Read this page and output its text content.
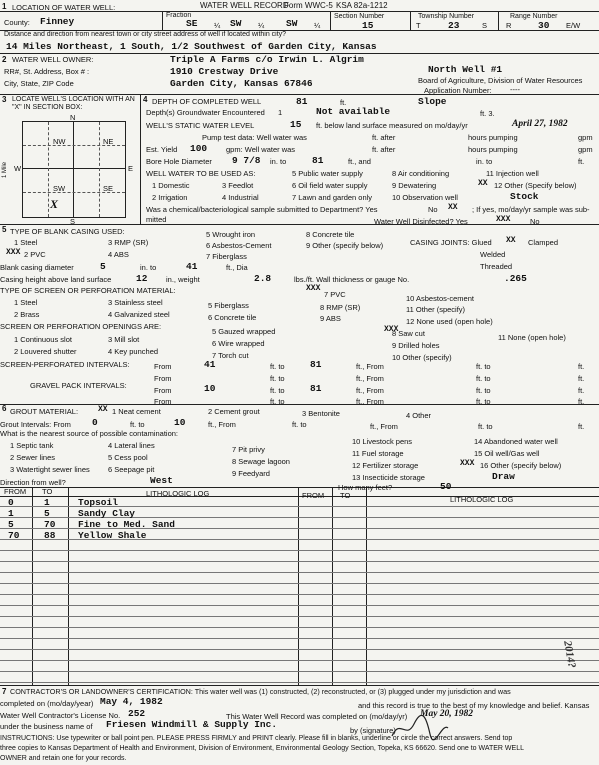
1
2
3	4
5
6
7
WATER WELL RECORD
Form WWC-5 KSA 82a-1212
LOCATION OF WATER WELL:
Fraction
County: Finney	SE ¼ SW ¼ SW ¼
Section Number
15
Township Number
T	23	S
Range Number
R	30 E/W
Distance and direction from nearest town or city street address of well if located within city?
14 Miles Northeast, 1 South, 1/2 Southwest of Garden City, Kansas
WATER WELL OWNER:	Triple A Farms c/o Irwin L. Algrim
RR#, St. Address, Box # :	1910 Crestway Drive
City, State, ZIP Code	Garden City, Kansas 67846
North Well #1
Board of Agriculture, Division of Water Resources
Application Number: ----
LOCATE WELL'S LOCATION WITH AN "X" IN SECTION BOX:
NW	NE
SW	SE
X
N
S
W	E
1 Mile
DEPTH OF COMPLETED WELL	81	ft.	Slope
Depth(s) Groundwater Encountered 1	Not available	ft. 3.
WELL'S STATIC WATER LEVEL	15 ft. below land surface measured on mo/day/yr	April 27, 1982
Pump test data: Well water was	ft. after	hours pumping	gpm
Est. Yield 100	gpm: Well water was	ft. after	hours pumping	gpm
Bore Hole Diameter 9 7/8 in. to	81	ft., and	in. to	ft.
WELL WATER TO BE USED AS:	5 Public water supply	8 Air conditioning	11 Injection well
1 Domestic	3 Feedlot	6 Oil field water supply	9 Dewatering	XX 12 Other (Specify below)
2 Irrigation	4 Industrial	7 Lawn and garden only	10 Observation well	Stock
Was a chemical/bacteriological sample submitted to Department? Yes	No XX ; If yes, mo/day/yr sample was sub-
mitted	Water Well Disinfected? Yes	XXX	No
TYPE OF BLANK CASING USED:
1 Steel	3 RMP (SR)
5 Wrought iron	8 Concrete tile
6 Asbestos-Cement	9 Other (specify below)	CASING JOINTS: Glued XX Clamped
XXX 2 PVC	4 ABS	7 Fiberglass	Welded
Threaded
Blank casing diameter	5	in. to	41	ft., Dia
Casing height above land surface	12 in., weight	2.8	lbs./ft. Wall thickness or gauge No.	.265
TYPE OF SCREEN OR PERFORATION MATERIAL:	XXX
7 PVC
1 Steel	3 Stainless steel	5 Fiberglass	8 RMP (SR)
10 Asbestos-cement
11 Other (specify)
2 Brass	4 Galvanized steel	6 Concrete tile	9 ABS	12 None used (open hole)
SCREEN OR PERFORATION OPENINGS ARE:
1 Continuous slot	3 Mill slot
5 Gauzed wrapped	XXX
8 Saw cut	11 None (open hole)
2 Louvered shutter	4 Key punched
6 Wire wrapped	9 Drilled holes
7 Torch cut	10 Other (specify)
SCREEN-PERFORATED INTERVALS:	From	41	ft. to	81	ft., From	ft. to	ft.
From	ft. to	ft., From	ft. to	ft.
GRAVEL PACK INTERVALS:
From	10	ft. to	81	ft., From	ft. to	ft.
From	ft. to	ft., From	ft. to	ft.
GROUT MATERIAL: XX 1 Neat cement	2 Cement grout	3 Bentonite	4 Other
Grout Intervals: From 0	ft. to	10	ft., From	ft. to	ft., From	ft. to	ft.
What is the nearest source of possible contamination:
1 Septic tank	4 Lateral lines	7 Pit privy
10 Livestock pens	14 Abandoned water well
2 Sewer lines	5 Cess pool	8 Sewage lagoon
11 Fuel storage	15 Oil well/Gas well
3 Watertight sewer lines 6 Seepage pit	9 Feedyard
12 Fertilizer storage	XXX 16 Other (specify below)
13 Insecticide storage	Draw
Direction from well?	West
How many feet?	50
FROM TO	LITHOLOGIC LOG	FROM TO	LITHOLOGIC LOG
0	1	Topsoil
1	5	Sandy Clay
5	70 Fine to Med. Sand
70	88 Yellow Shale
CONTRACTOR'S OR LANDOWNER'S CERTIFICATION: This water well was (1) constructed, (2) reconstructed, or (3) plugged under my jurisdiction and was
completed on (mo/day/year) May 4, 1982	and this record is true to the best of my knowledge and belief. Kansas
Water Well Contractor's License No. 252	This Water Well Record was completed on (mo/day/yr) May 20, 1982
under the business name of Friesen Windmill & Supply Inc.
by (signature)
INSTRUCTIONS: Use typewriter or ball point pen. PLEASE PRESS FIRMLY and PRINT clearly. Please fill in blanks, underline or circle the correct answers. Send top
three copies to Kansas Department of Health and Environment, Division of Environment, Environmental Geology Section, Topeka, KS 66620. Send one to WATER WELL
OWNER and retain one for your records.
2014?
